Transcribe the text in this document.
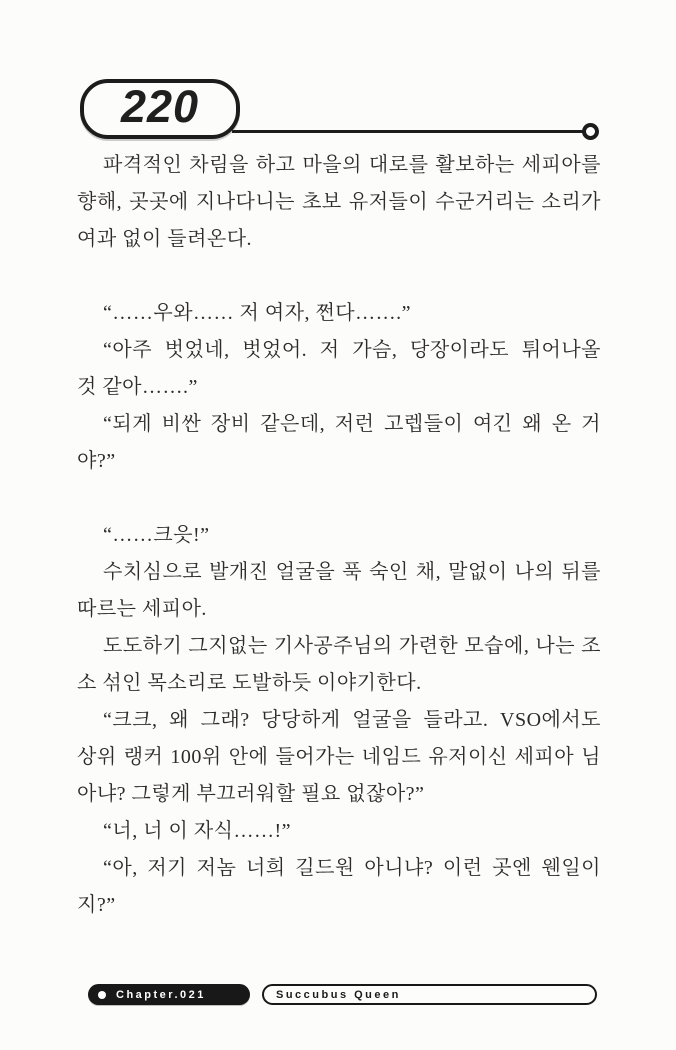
220
파격적인 차림을 하고 마을의 대로를 활보하는 세피아를
향해, 곳곳에 지나다니는 초보 유저들이 수군거리는 소리가
여과 없이 들려온다.
“……우와…… 저 여자, 쩐다…….”
“아주 벗었네, 벗었어. 저 가슴, 당장이라도 튀어나올
것 같아…….”
“되게 비싼 장비 같은데, 저런 고렙들이 여긴 왜 온 거
야?”
“……크읏!”
수치심으로 발개진 얼굴을 푹 숙인 채, 말없이 나의 뒤를
따르는 세피아.
도도하기 그지없는 기사공주님의 가련한 모습에, 나는 조
소 섞인 목소리로 도발하듯 이야기한다.
“크크, 왜 그래? 당당하게 얼굴을 들라고. VSO에서도
상위 랭커 100위 안에 들어가는 네임드 유저이신 세피아 님
아냐? 그렇게 부끄러워할 필요 없잖아?”
“너, 너 이 자식……!”
“아, 저기 저놈 너희 길드원 아니냐? 이런 곳엔 웬일이
지?”
Chapter.021	Succubus Queen
